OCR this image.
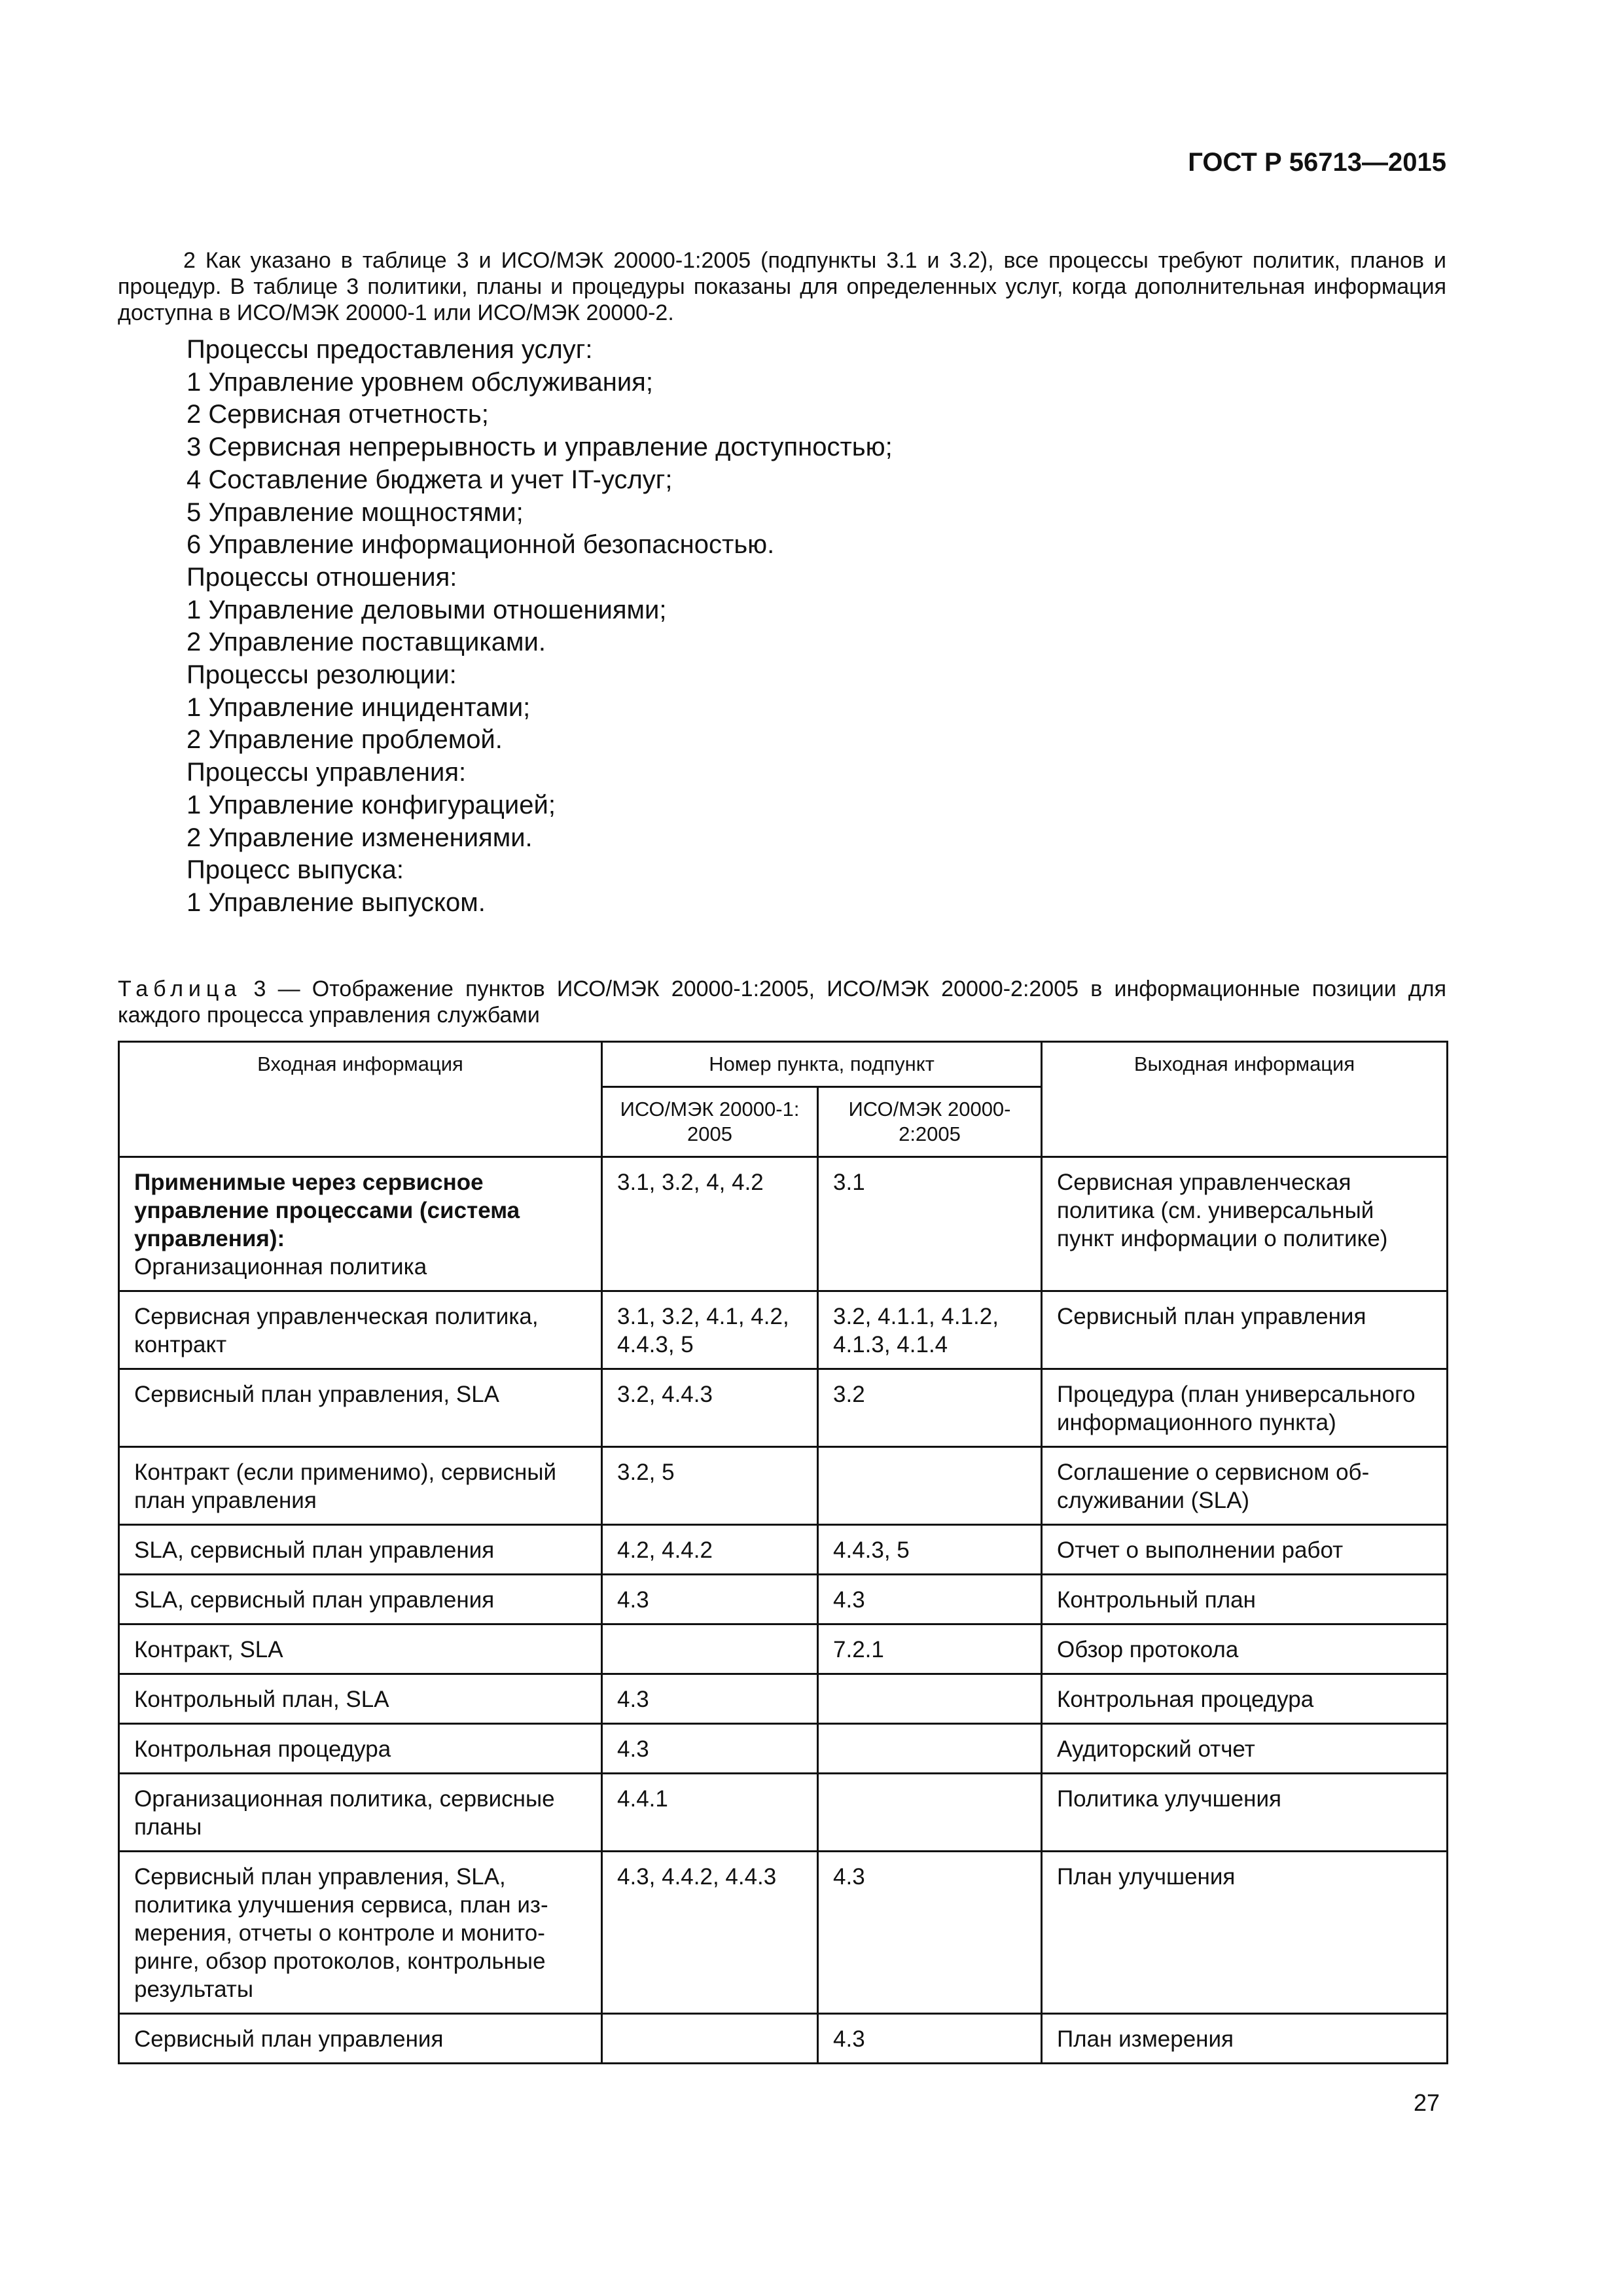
ГОСТ Р 56713—2015

2 Как указано в таблице 3 и ИСО/МЭК 20000-1:2005 (подпункты 3.1 и 3.2), все процессы требуют политик, планов и процедур. В таблице 3 политики, планы и процедуры показаны для определенных услуг, когда дополнительная информация доступна в ИСО/МЭК 20000-1 или ИСО/МЭК 20000-2.

Процессы предоставления услуг:
1 Управление уровнем обслуживания;
2 Сервисная отчетность;
3 Сервисная непрерывность и управление доступностью;
4 Составление бюджета и учет IT-услуг;
5 Управление мощностями;
6 Управление информационной безопасностью.
Процессы отношения:
1 Управление деловыми отношениями;
2 Управление поставщиками.
Процессы резолюции:
1 Управление инцидентами;
2 Управление проблемой.
Процессы управления:
1 Управление конфигурацией;
2 Управление изменениями.
Процесс выпуска:
1 Управление выпуском.

Таблица 3 — Отображение пунктов ИСО/МЭК 20000-1:2005, ИСО/МЭК 20000-2:2005 в информационные позиции для каждого процесса управления службами

Входная информация	Номер пункта, подпункт		Выходная информация
	ИСО/МЭК 20000-1: 2005	ИСО/МЭК 20000-2:2005	
Применимые через сервисное управление процессами (система управления):
Организационная политика	3.1, 3.2, 4, 4.2	3.1	Сервисная управленческая политика (см. универсальный пункт информации о политике)
Сервисная управленческая политика, контракт	3.1, 3.2, 4.1, 4.2, 4.4.3, 5	3.2, 4.1.1, 4.1.2, 4.1.3, 4.1.4	Сервисный план управления
Сервисный план управления, SLA	3.2, 4.4.3	3.2	Процедура (план универсального информационного пункта)
Контракт (если применимо), сервисный план управления	3.2, 5		Соглашение о сервисном обслуживании (SLA)
SLA, сервисный план управления	4.2, 4.4.2	4.4.3, 5	Отчет о выполнении работ
SLA, сервисный план управления	4.3	4.3	Контрольный план
Контракт, SLA		7.2.1	Обзор протокола
Контрольный план, SLA	4.3		Контрольная процедура
Контрольная процедура	4.3		Аудиторский отчет
Организационная политика, сервисные планы	4.4.1		Политика улучшения
Сервисный план управления, SLA, политика улучшения сервиса, план измерения, отчеты о контроле и мониторинге, обзор протоколов, контрольные результаты	4.3, 4.4.2, 4.4.3	4.3	План улучшения
Сервисный план управления		4.3	План измерения
27
